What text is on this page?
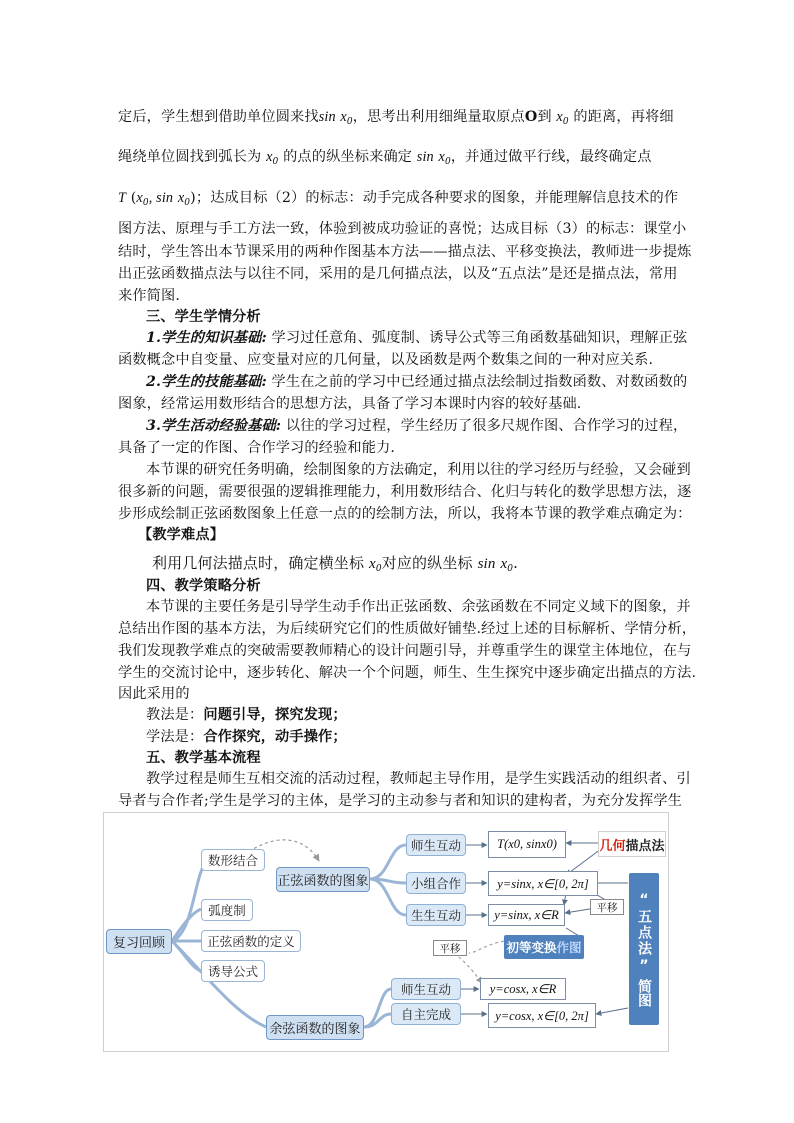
定后，学生想到借助单位圆来找$\sin x_0$，思考出利用细绳量取原点O到 $x_0$ 的距离，再将细
绳绕单位圆找到弧长为 $x_0$ 的点的纵坐标来确定 $\sin x_0$，并通过做平行线，最终确定点
T ($x_0$, $\sin x_0$)；达成目标（2）的标志：动手完成各种要求的图象，并能理解信息技术的作
图方法、原理与手工方法一致，体验到被成功验证的喜悦；达成目标（3）的标志：课堂小
结时，学生答出本节课采用的两种作图基本方法——描点法、平移变换法，教师进一步提炼
出正弦函数描点法与以往不同，采用的是几何描点法，以及“五点法”是还是描点法，常用
来作简图.
三、学生学情分析
1.学生的知识基础: 学习过任意角、弧度制、诱导公式等三角函数基础知识，理解正弦
函数概念中自变量、应变量对应的几何量，以及函数是两个数集之间的一种对应关系.
2.学生的技能基础: 学生在之前的学习中已经通过描点法绘制过指数函数、对数函数的
图象，经常运用数形结合的思想方法，具备了学习本课时内容的较好基础.
3.学生活动经验基础: 以往的学习过程，学生经历了很多尺规作图、合作学习的过程，
具备了一定的作图、合作学习的经验和能力.
本节课的研究任务明确，绘制图象的方法确定，利用以往的学习经历与经验，又会碰到
很多新的问题，需要很强的逻辑推理能力，利用数形结合、化归与转化的数学思想方法，逐
步形成绘制正弦函数图象上任意一点的的绘制方法，所以，我将本节课的教学难点确定为：
【教学难点】
利用几何法描点时，确定横坐标 $x_0$对应的纵坐标 $\sin x_0$.
四、教学策略分析
本节课的主要任务是引导学生动手作出正弦函数、余弦函数在不同定义域下的图象，并
总结出作图的基本方法，为后续研究它们的性质做好铺垫.经过上述的目标解析、学情分析，
我们发现教学难点的突破需要教师精心的设计问题引导，并尊重学生的课堂主体地位，在与
学生的交流讨论中，逐步转化、解决一个个问题，师生、生生探究中逐步确定出描点的方法.
因此采用的
教法是：问题引导，探究发现；
学法是：合作探究，动手操作；
五、教学基本流程
教学过程是师生互相交流的活动过程，教师起主导作用，是学生实践活动的组织者、引
导者与合作者;学生是学习的主体，是学习的主动参与者和知识的建构者，为充分发挥学生
复习回顾
数形结合
弧度制
正弦函数的定义
诱导公式
正弦函数的图象
余弦函数的图象
师生互动
小组合作
生生互动
师生互动
自主完成
T(x0, sinx0)
y=sinx, x∈[0, 2π]
y=sinx, x∈R
y=cosx, x∈R
y=cosx, x∈[0, 2π]
几何 描点法
初等变换 作图
平移
平移
“
五点法
”
简图
